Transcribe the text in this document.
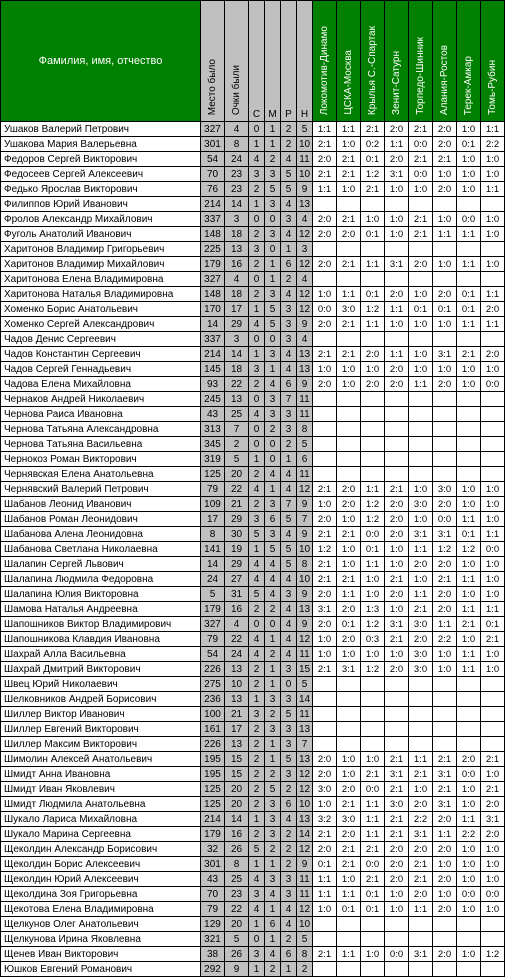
Фамилия, имя, отчество	Место было	Очки были	С	М	Р	Н	Локомотив-Динамо	ЦСКА-Москва	Крылья С.-Спартак	Зенит-Сатурн	Торпедо-Шинник	Алания-Ростов	Терек-Амкар	Томь-Рубин
Ушаков Валерий Петрович	327	4	0	1	2	5	1:1	1:1	2:1	2:0	2:1	2:0	1:0	1:1
Ушакова Мария Валерьевна	301	8	1	1	2	10	2:1	1:0	0:2	1:1	0:0	2:0	0:1	2:2
Федоров Сергей Викторович	54	24	4	2	4	11	2:0	2:1	0:1	2:0	2:1	2:1	1:0	1:0
Федосеев Сергей Алексеевич	70	23	3	3	5	10	2:1	2:1	1:2	3:1	0:0	1:0	1:0	1:0
Федько Ярослав Викторович	76	23	2	5	5	9	1:1	1:0	2:1	1:0	1:0	2:0	1:0	1:1
Филиппов Юрий Иванович	214	14	1	3	4	13								
Фролов Александр Михайлович	337	3	0	0	3	4	2:0	2:1	1:0	1:0	2:1	1:0	0:0	1:0
Фуголь Анатолий Иванович	148	18	2	3	4	12	2:0	2:0	0:1	1:0	2:1	1:1	1:1	1:0
Харитонов Владимир Григорьевич	225	13	3	0	1	3								
Харитонов Владимир Михайлович	179	16	2	1	6	12	2:0	2:1	1:1	3:1	2:0	1:0	1:1	1:0
Харитонова Елена Владимировна	327	4	0	1	2	4								
Харитонова Наталья Владимировна	148	18	2	3	4	12	1:0	1:1	0:1	2:0	1:0	2:0	0:1	1:1
Хоменко Борис Анатольевич	170	17	1	5	3	12	0:0	3:0	1:2	1:1	0:1	0:1	0:1	2:0
Хоменко Сергей Александрович	14	29	4	5	3	9	2:0	2:1	1:1	1:0	1:0	1:0	1:1	1:1
Чадов Денис Сергеевич	337	3	0	0	3	4								
Чадов Константин Сергеевич	214	14	1	3	4	13	2:1	2:1	2:0	1:1	1:0	3:1	2:1	2:0
Чадов Сергей Геннадьевич	145	18	3	1	4	13	1:0	1:0	1:0	2:0	1:0	1:0	1:0	1:0
Чадова Елена Михайловна	93	22	2	4	6	9	2:0	1:0	2:0	2:0	1:1	2:0	1:0	0:0
Чернаков Андрей Николаевич	245	13	0	3	7	11								
Чернова Раиса Ивановна	43	25	4	3	3	11								
Чернова Татьяна Александровна	313	7	0	2	3	8								
Чернова Татьяна Васильевна	345	2	0	0	2	5								
Чернокоз Роман Викторович	319	5	1	0	1	6								
Чернявская Елена Анатольевна	125	20	2	4	4	11								
Чернявский Валерий Петрович	79	22	4	1	4	12	2:1	2:0	1:1	2:1	1:0	3:0	1:0	1:0
Шабанов Леонид Иванович	109	21	2	3	7	9	1:0	2:0	1:2	2:0	3:0	2:0	1:0	1:0
Шабанов Роман Леонидович	17	29	3	6	5	7	2:0	1:0	1:2	2:0	1:0	0:0	1:1	1:0
Шабанова Алена Леонидовна	8	30	5	3	4	9	2:1	2:1	0:0	2:0	3:1	3:1	0:1	1:1
Шабанова Светлана Николаевна	141	19	1	5	5	10	1:2	1:0	0:1	1:0	1:1	1:2	1:2	0:0
Шалапин Сергей Львович	14	29	4	4	5	8	2:1	1:0	1:1	1:0	2:0	2:0	1:0	1:0
Шалапина Людмила Федоровна	24	27	4	4	4	10	2:1	2:1	1:0	2:1	1:0	2:1	1:1	1:0
Шалапина Юлия Викторовна	5	31	5	4	3	9	2:0	1:1	1:0	2:0	1:1	2:0	1:0	1:0
Шамова Наталья Андреевна	179	16	2	2	4	13	3:1	2:0	1:3	1:0	2:1	2:0	1:1	1:1
Шапошников Виктор Владимирович	327	4	0	0	4	9	2:0	0:1	1:2	3:1	3:0	1:1	2:1	0:1
Шапошникова Клавдия Ивановна	79	22	4	1	4	12	1:0	2:0	0:3	2:1	2:0	2:2	1:0	2:1
Шахрай Алла Васильевна	54	24	4	2	4	11	1:0	1:0	1:0	1:0	3:0	1:0	1:1	1:0
Шахрай Дмитрий Викторович	226	13	2	1	3	15	2:1	3:1	1:2	2:0	3:0	1:0	1:1	1:0
Швец Юрий Николаевич	275	10	2	1	0	5								
Шелковников Андрей Борисович	236	13	1	3	3	14								
Шиллер Виктор Иванович	100	21	3	2	5	11								
Шиллер Евгений Викторович	161	17	2	3	3	13								
Шиллер Максим Викторович	226	13	2	1	3	7								
Шимолин Алексей Анатольевич	195	15	2	1	5	13	2:0	1:0	1:0	2:1	1:1	2:1	2:0	2:1
Шмидт Анна Ивановна	195	15	2	2	3	12	2:0	1:0	2:1	3:1	2:1	3:1	0:0	1:0
Шмидт Иван Яковлевич	125	20	2	5	2	12	3:0	2:0	0:0	2:1	1:0	2:1	1:0	2:1
Шмидт Людмила Анатольевна	125	20	2	3	6	10	1:0	2:1	1:1	3:0	2:0	3:1	1:0	2:0
Шукало Лариса Михайловна	214	14	1	3	4	13	3:2	3:0	1:1	2:1	2:2	2:0	1:1	3:1
Шукало Марина Сергеевна	179	16	2	3	2	14	2:1	2:0	1:1	2:1	3:1	1:1	2:2	2:0
Щеколдин Александр Борисович	32	26	5	2	2	12	2:0	2:1	2:1	2:0	2:0	2:0	1:0	1:0
Щеколдин Борис Алексеевич	301	8	1	1	2	9	0:1	2:1	0:0	2:0	2:1	1:0	1:0	1:0
Щеколдин Юрий Алексеевич	43	25	4	3	3	11	1:1	1:0	2:1	2:0	2:1	2:0	1:0	1:0
Щеколдина Зоя Григорьевна	70	23	3	4	3	11	1:1	1:1	0:1	1:0	2:0	1:0	0:0	0:0
Щекотова Елена Владимировна	79	22	4	1	4	12	1:0	0:1	0:1	1:0	1:1	2:0	1:0	1:0
Щелкунов Олег Анатольевич	129	20	1	6	4	10								
Щелкунова Ирина Яковлевна	321	5	0	1	2	5								
Щенев Иван Викторович	38	26	3	4	6	8	2:1	1:1	1:0	0:0	3:1	2:0	1:0	1:2
Юшков Евгений Романович	292	9	1	2	1	2								
